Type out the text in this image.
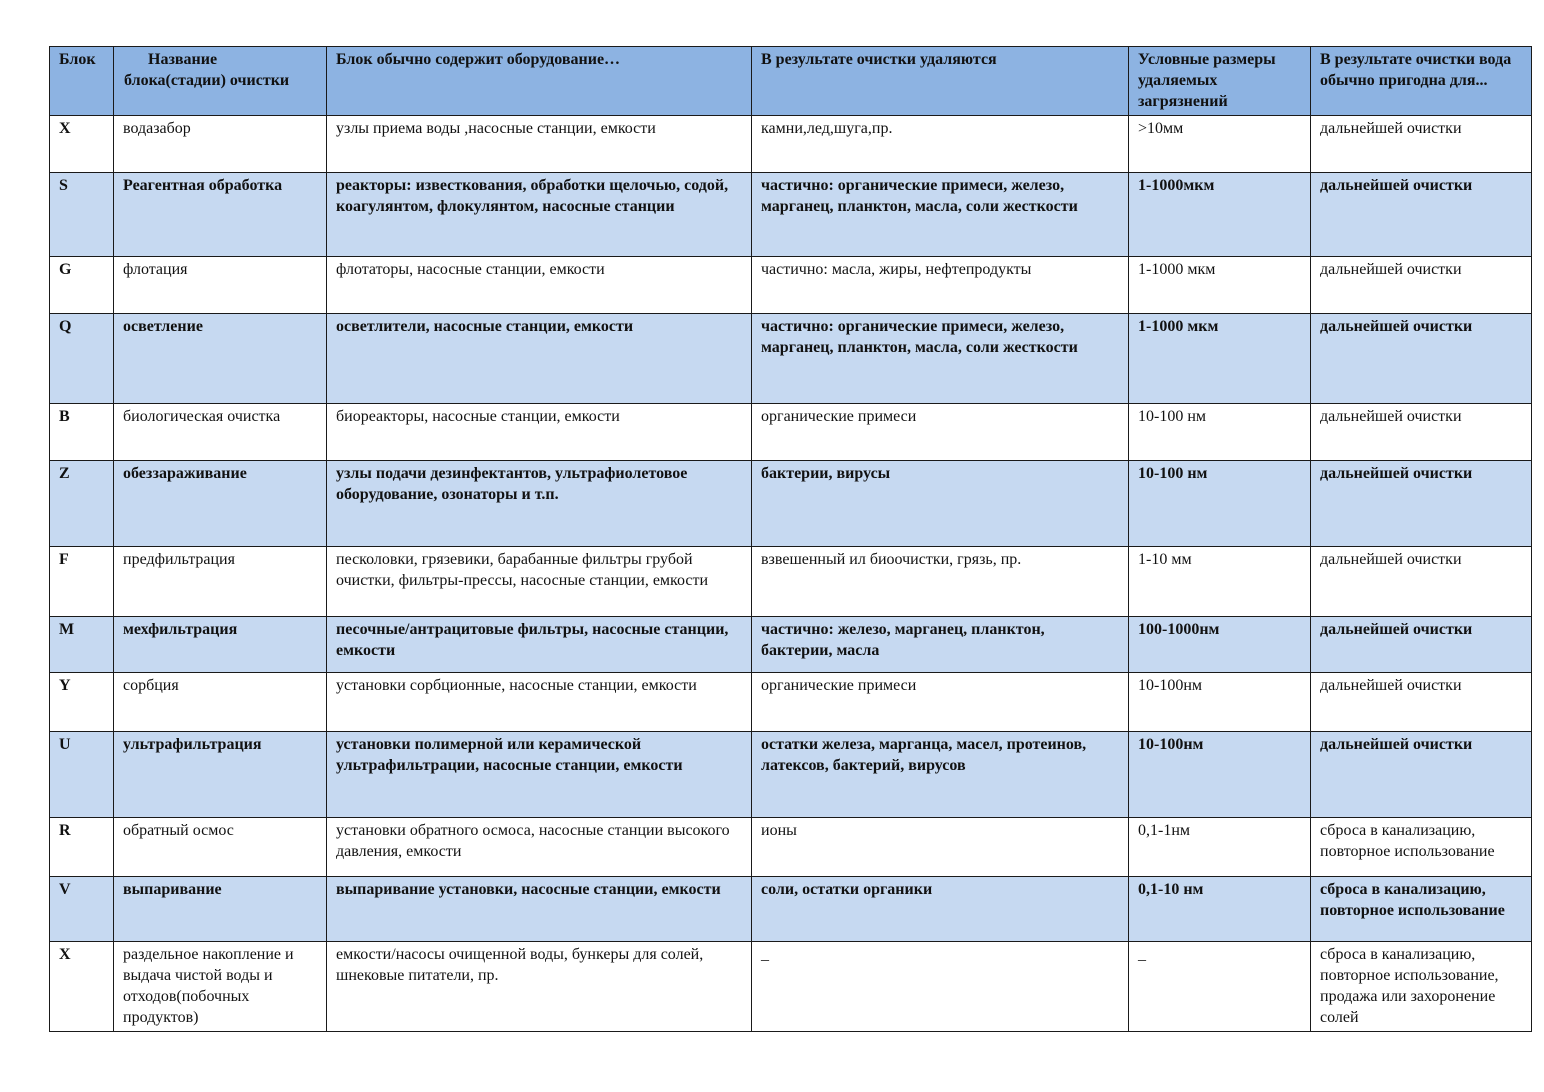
Блок	Название блока(стадии) очистки	Блок обычно содержит оборудование…	В результате очистки удаляются	Условные размеры удаляемых загрязнений	В результате очистки вода обычно пригодна для...
X	водазабор	узлы приема воды ,насосные станции, емкости	камни,лед,шуга,пр.	>10мм	дальнейшей очистки
S	Реагентная обработка	реакторы: известкования, обработки щелочью, содой, коагулянтом, флокулянтом, насосные станции	частично: органические примеси, железо, марганец, планктон, масла, соли жесткости	1-1000мкм	дальнейшей очистки
G	флотация	флотаторы, насосные станции, емкости	частично: масла, жиры, нефтепродукты	1-1000 мкм	дальнейшей очистки
Q	осветление	осветлители, насосные станции, емкости	частично: органические примеси, железо, марганец, планктон, масла, соли жесткости	1-1000 мкм	дальнейшей очистки
B	биологическая очистка	биореакторы, насосные станции, емкости	органические примеси	10-100 нм	дальнейшей очистки
Z	обеззараживание	узлы подачи дезинфектантов, ультрафиолетовое оборудование, озонаторы и т.п.	бактерии, вирусы	10-100 нм	дальнейшей очистки
F	предфильтрация	песколовки, грязевики, барабанные фильтры грубой очистки, фильтры-прессы, насосные станции, емкости	взвешенный ил биоочистки, грязь, пр.	1-10 мм	дальнейшей очистки
M	мехфильтрация	песочные/антрацитовые фильтры, насосные станции, емкости	частично: железо, марганец, планктон, бактерии, масла	100-1000нм	дальнейшей очистки
Y	сорбция	установки сорбционные, насосные станции, емкости	органические примеси	10-100нм	дальнейшей очистки
U	ультрафильтрация	установки полимерной или керамической ультрафильтрации, насосные станции, емкости	остатки железа, марганца, масел, протеинов, латексов, бактерий, вирусов	10-100нм	дальнейшей очистки
R	обратный осмос	установки обратного осмоса, насосные станции высокого давления, емкости	ионы	0,1-1нм	сброса в канализацию, повторное использование
V	выпаривание	выпаривание установки, насосные станции, емкости	соли, остатки органики	0,1-10 нм	сброса в канализацию, повторное использование
X	раздельное накопление и выдача чистой воды и отходов(побочных продуктов)	емкости/насосы очищенной воды, бункеры для солей, шнековые питатели, пр.	_	_	сброса в канализацию, повторное использование, продажа или захоронение солей
